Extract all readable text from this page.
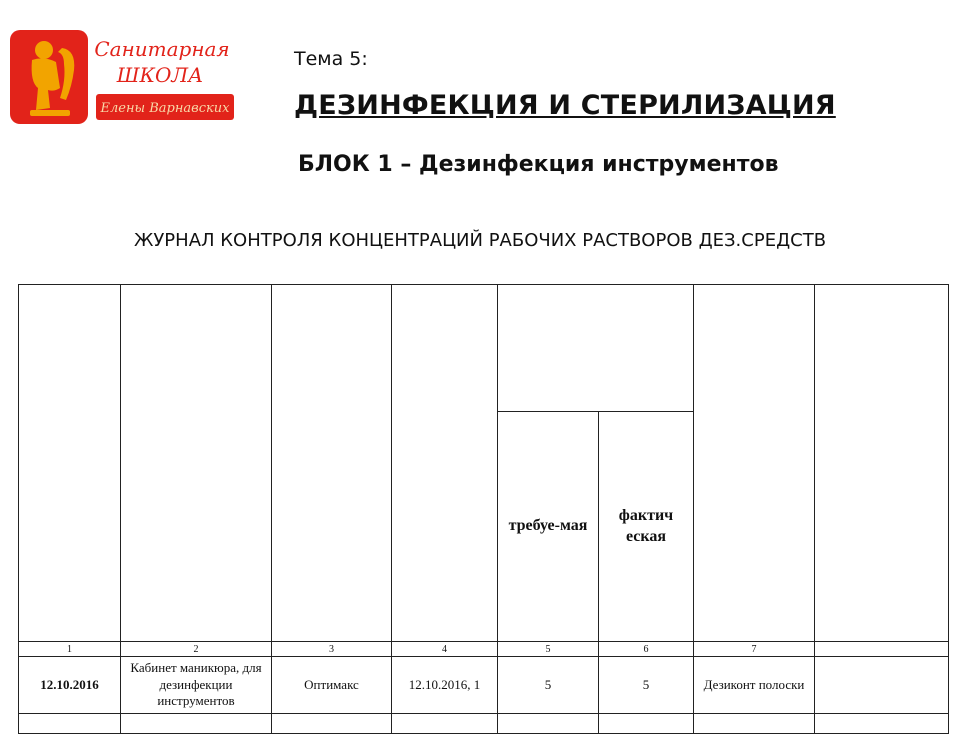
Санитарная
ШКОЛА
Елены Варнавских
Тема 5:
ДЕЗИНФЕКЦИЯ И СТЕРИЛИЗАЦИЯ
БЛОК 1 – Дезинфекция инструментов
ЖУРНАЛ КОНТРОЛЯ КОНЦЕНТРАЦИЙ РАБОЧИХ РАСТВОРОВ ДЕЗ.СРЕДСТВ

				требуе-мая	фактич еская		
1	2	3	4	5	6	7	
12.10.2016	Кабинет маникюра, для дезинфекции инструментов	Оптимакс	12.10.2016, 1	5	5	Дезиконт полоски	
